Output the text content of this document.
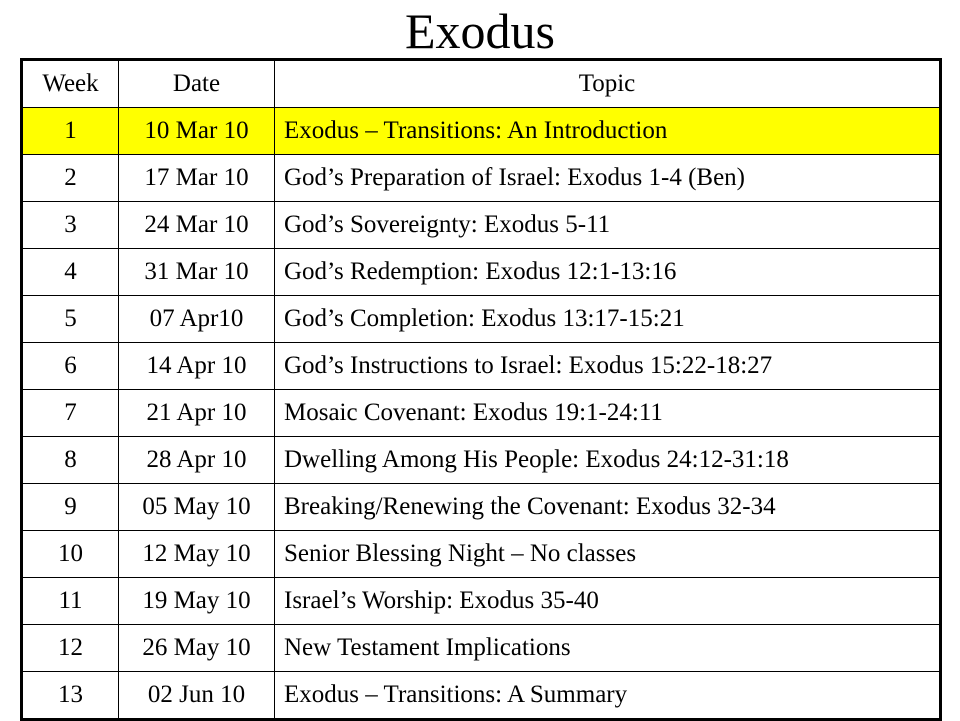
Exodus
Week	Date	Topic
1	10 Mar 10	Exodus – Transitions: An Introduction
2	17 Mar 10	God’s Preparation of Israel: Exodus 1-4 (Ben)
3	24 Mar 10	God’s Sovereignty: Exodus 5-11
4	31 Mar 10	God’s Redemption: Exodus 12:1-13:16
5	07 Apr10	God’s Completion: Exodus 13:17-15:21
6	14 Apr 10	God’s Instructions to Israel: Exodus 15:22-18:27
7	21 Apr 10	Mosaic Covenant: Exodus 19:1-24:11
8	28 Apr 10	Dwelling Among His People: Exodus 24:12-31:18
9	05 May 10	Breaking/Renewing the Covenant: Exodus 32-34
10	12 May 10	Senior Blessing Night – No classes
11	19 May 10	Israel’s Worship: Exodus 35-40
12	26 May 10	New Testament Implications
13	02 Jun 10	Exodus – Transitions: A Summary
